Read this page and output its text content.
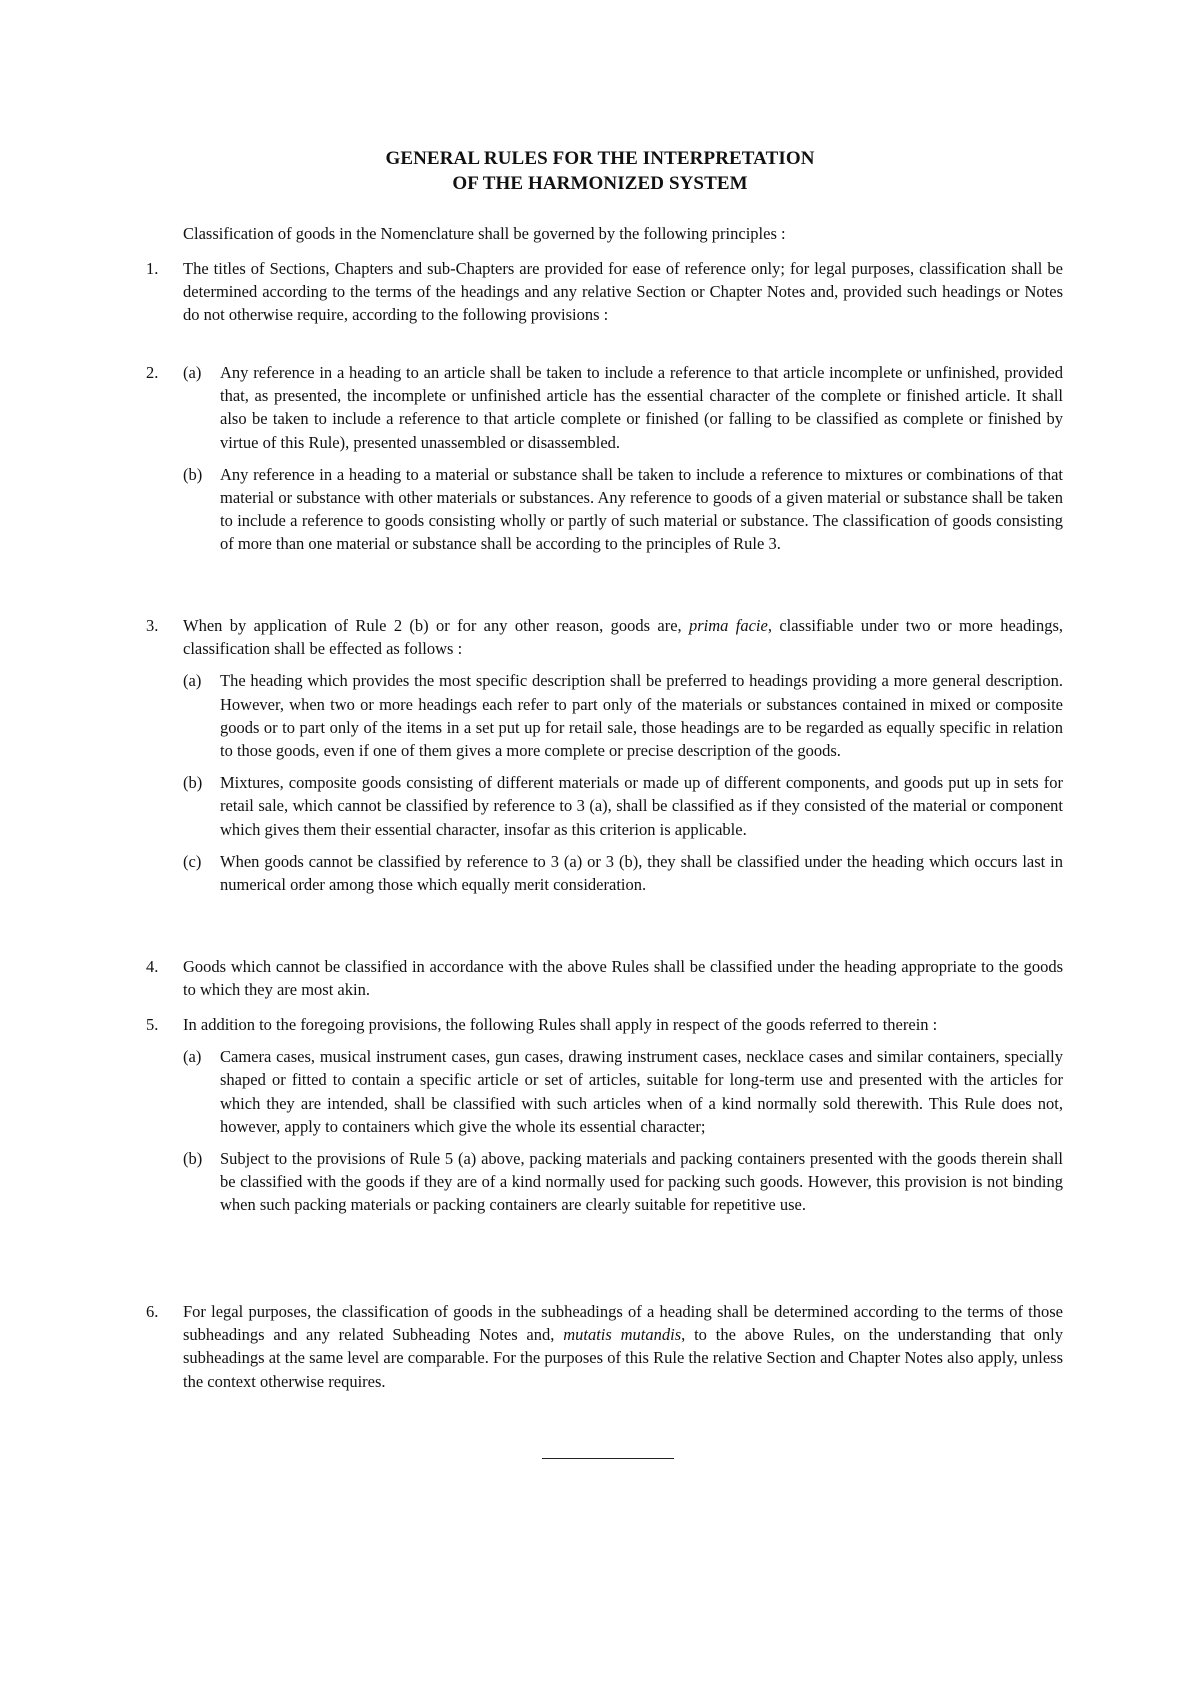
GENERAL RULES FOR THE INTERPRETATION
OF THE HARMONIZED SYSTEM
Classification of goods in the Nomenclature shall be governed by the following principles :
1.	The titles of Sections, Chapters and sub-Chapters are provided for ease of reference only; for legal purposes, classification shall be determined according to the terms of the headings and any relative Section or Chapter Notes and, provided such headings or Notes do not otherwise require, according to the following provisions :
2.	(a) Any reference in a heading to an article shall be taken to include a reference to that article incomplete or unfinished, provided that, as presented, the incomplete or unfinished article has the essential character of the complete or finished article. It shall also be taken to include a reference to that article complete or finished (or falling to be classified as complete or finished by virtue of this Rule), presented unassembled or disassembled.
(b) Any reference in a heading to a material or substance shall be taken to include a reference to mixtures or combinations of that material or substance with other materials or substances. Any reference to goods of a given material or substance shall be taken to include a reference to goods consisting wholly or partly of such material or substance. The classification of goods consisting of more than one material or substance shall be according to the principles of Rule 3.
3.	When by application of Rule 2 (b) or for any other reason, goods are, prima facie, classifiable under two or more headings, classification shall be effected as follows :
(a) The heading which provides the most specific description shall be preferred to headings providing a more general description. However, when two or more headings each refer to part only of the materials or substances contained in mixed or composite goods or to part only of the items in a set put up for retail sale, those headings are to be regarded as equally specific in relation to those goods, even if one of them gives a more complete or precise description of the goods.
(b) Mixtures, composite goods consisting of different materials or made up of different components, and goods put up in sets for retail sale, which cannot be classified by reference to 3 (a), shall be classified as if they consisted of the material or component which gives them their essential character, insofar as this criterion is applicable.
(c) When goods cannot be classified by reference to 3 (a) or 3 (b), they shall be classified under the heading which occurs last in numerical order among those which equally merit consideration.
4.	Goods which cannot be classified in accordance with the above Rules shall be classified under the heading appropriate to the goods to which they are most akin.
5.	In addition to the foregoing provisions, the following Rules shall apply in respect of the goods referred to therein :
(a) Camera cases, musical instrument cases, gun cases, drawing instrument cases, necklace cases and similar containers, specially shaped or fitted to contain a specific article or set of articles, suitable for long-term use and presented with the articles for which they are intended, shall be classified with such articles when of a kind normally sold therewith. This Rule does not, however, apply to containers which give the whole its essential character;
(b) Subject to the provisions of Rule 5 (a) above, packing materials and packing containers presented with the goods therein shall be classified with the goods if they are of a kind normally used for packing such goods. However, this provision is not binding when such packing materials or packing containers are clearly suitable for repetitive use.
6.	For legal purposes, the classification of goods in the subheadings of a heading shall be determined according to the terms of those subheadings and any related Subheading Notes and, mutatis mutandis, to the above Rules, on the understanding that only subheadings at the same level are comparable. For the purposes of this Rule the relative Section and Chapter Notes also apply, unless the context otherwise requires.
